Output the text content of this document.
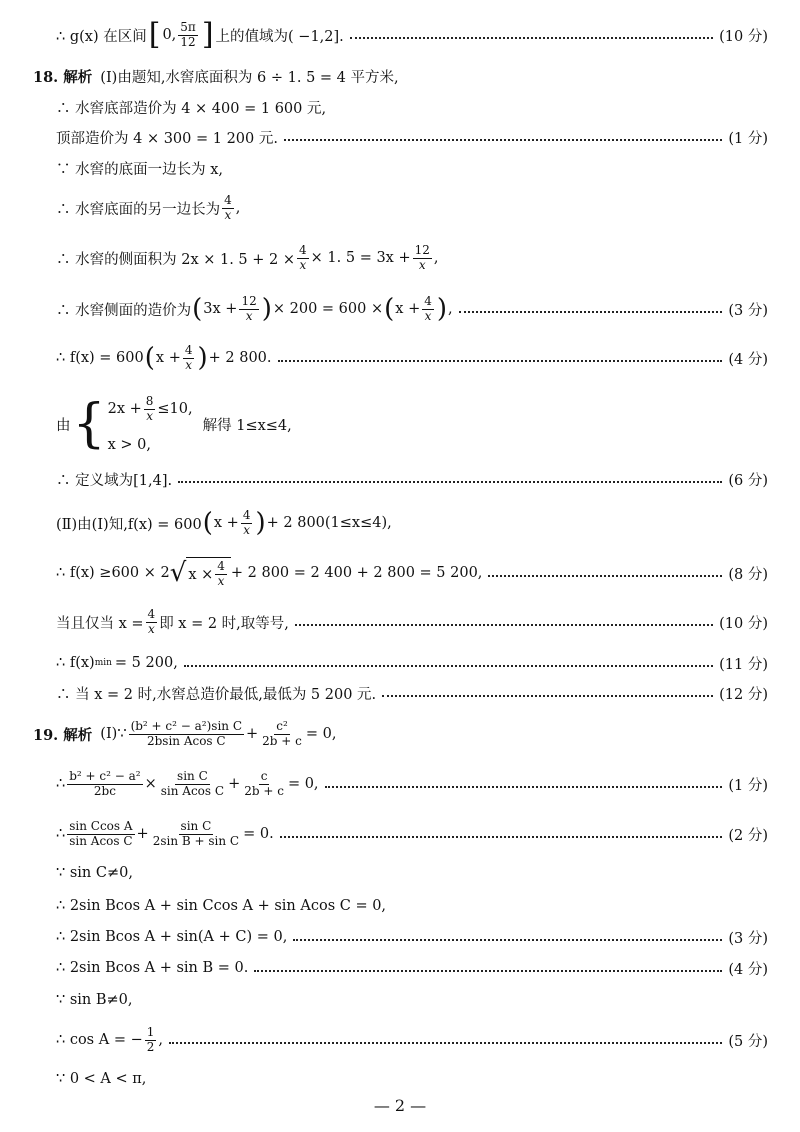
∴ g(x) 在区间 [ 0, $\frac{5\pi}{12}$ ] 上的值域为( −1,2].	(10 分)
18. 解析 (Ⅰ)由题知,水窖底面积为 6 ÷ 1. 5 = 4 平方米,
∴ 水窖底部造价为 4 × 400 = 1 600 元,
顶部造价为 4 × 300 = 1 200 元.	(1 分)
∵ 水窖的底面一边长为 x,
∴ 水窖底面的另一边长为 $\frac{4}{x}$ ,
∴ 水窖的侧面积为 2x × 1. $5 + 2 \times \frac{4}{x} \times 1$. $5 = 3x + \frac{12}{x}$ ,
∴ 水窖侧面的造价为 ( $3x + \frac{12}{x}$ ) × 200 = 600 × ( $x + \frac{4}{x}$ ) ,	(3 分)
∴ f(x) = 600 ( $x + \frac{4}{x}$ ) + 2 800.	(4 分)
由 { $2x + \frac{8}{x} \le 10$,
x > 0,
解得 1≤x≤4,
∴ 定义域为[1,4].	(6 分)
(Ⅱ)由(Ⅰ)知,f(x) = 600 ( $x + \frac{4}{x}$ ) + 2 800(1≤x≤4),
∴ f(x) ≥600 × 2 √ $x \times \frac{4}{x} + 2$ 800 = 2 400 + 2 800 = 5 200,	(8 分)
当且仅当 $x = \frac{4}{x}$ 即 x = 2 时,取等号,	(10 分)
∴ f(x) min = 5 200,	(11 分)
∴ 当 x = 2 时,水窖总造价最低,最低为 5 200 元.	(12 分)
19. 解析 (Ⅰ)∵ $\frac{\text{(b² + c² − a²)sin C}}{\text{2bsin Acos C}} + \frac{\text{c²}}{2b + c} = 0$,
∴ $\frac{\text{b² + c² − a²}}{2bc} \times \frac{\text{sin C}}{\text{sin Acos C}} + \frac{c}{2b + c} = 0$,	(1 分)
∴ $\frac{\text{sin Ccos A}}{\text{sin Acos C}} + \frac{\text{sin C}}{\text{2sin B + sin C}} = 0$.	(2 分)
∵ sin C≠0,
∴ 2sin Bcos A + sin Ccos A + sin Acos C = 0,
∴ 2sin Bcos A + sin(A + C) = 0,	(3 分)
∴ 2sin Bcos A + sin B = 0.	(4 分)
∵ sin B≠0,
∴ cos A = − $\frac{1}{2}$ ,	(5 分)
∵ 0 < A < π,
— 2 —
